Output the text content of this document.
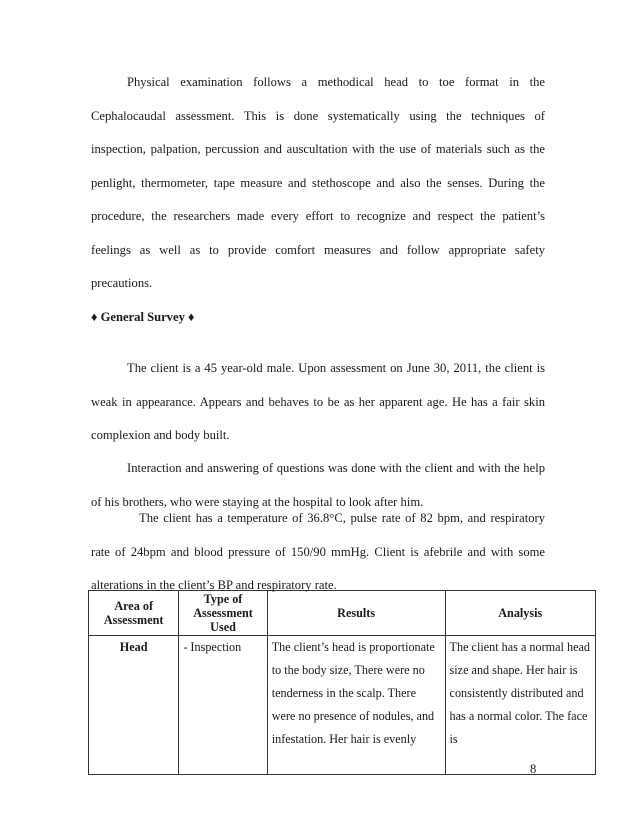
Physical examination follows a methodical head to toe format in the Cephalocaudal assessment. This is done systematically using the techniques of inspection, palpation, percussion and auscultation with the use of materials such as the penlight, thermometer, tape measure and stethoscope and also the senses. During the procedure, the researchers made every effort to recognize and respect the patient’s feelings as well as to provide comfort measures and follow appropriate safety precautions.

♦ General Survey ♦

The client is a 45 year-old male. Upon assessment on June 30, 2011, the client is weak in appearance. Appears and behaves to be as her apparent age. He has a fair skin complexion and body built.

Interaction and answering of questions was done with the client and with the help of his brothers, who were staying at the hospital to look after him.

The client has a temperature of 36.8°C, pulse rate of 82 bpm, and respiratory rate of 24bpm and blood pressure of 150/90 mmHg. Client is afebrile and with some alterations in the client’s BP and respiratory rate.

Area of Assessment	Type of Assessment Used	Results	Analysis
Head	- Inspection	The client’s head is proportionate to the body size, There were no tenderness in the scalp. There were no presence of nodules, and infestation. Her hair is evenly	The client has a normal head size and shape. Her hair is consistently distributed and has a normal color. The face is

8
